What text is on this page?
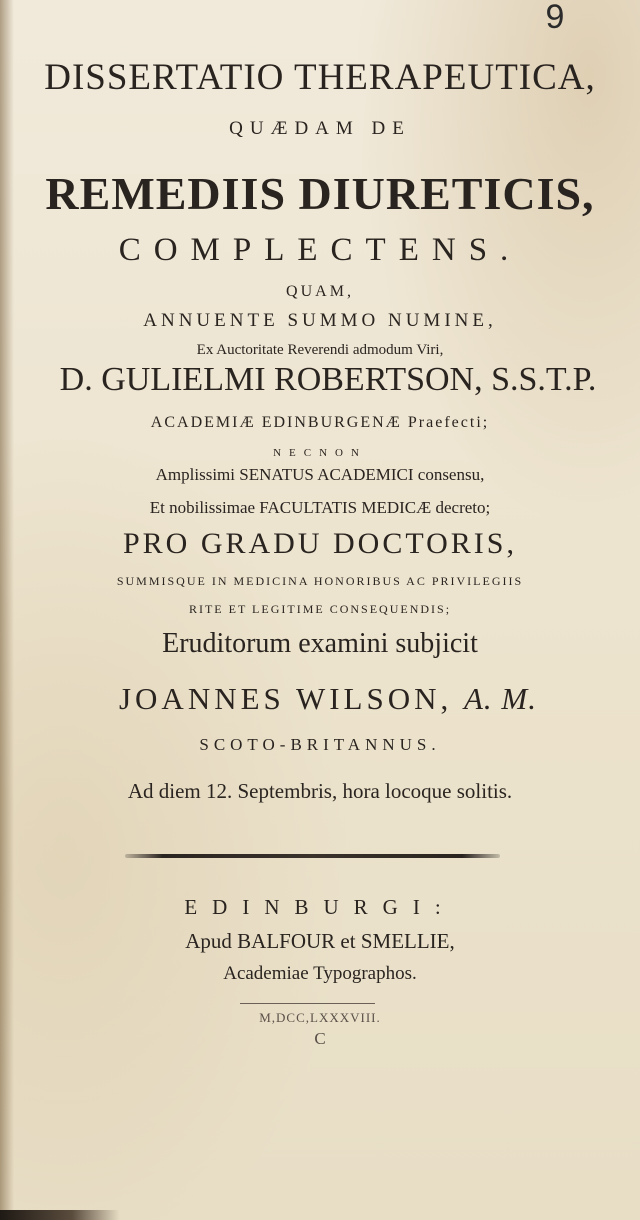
9
DISSERTATIO THERAPEUTICA,
QUÆDAM DE
REMEDIIS DIURETICIS,
COMPLECTENS.
QUAM,
ANNUENTE SUMMO NUMINE,
Ex Auctoritate Reverendi admodum Viri,
D. GULIELMI ROBERTSON, S.S.T.P.
ACADEMIÆ EDINBURGENÆ Praefecti;
NECNON
Amplissimi SENATUS ACADEMICI consensu,
Et nobilissimae FACULTATIS MEDICÆ decreto;
PRO GRADU DOCTORIS,
SUMMISQUE IN MEDICINA HONORIBUS AC PRIVILEGIIS
RITE ET LEGITIME CONSEQUENDIS;
Eruditorum examini subjicit
JOANNES WILSON, A. M.
SCOTO-BRITANNUS.
Ad diem 12. Septembris, hora locoque solitis.
EDINBURGI:
Apud BALFOUR et SMELLIE,
Academiae Typographos.
M,DCC,LXXXVIII.
C
